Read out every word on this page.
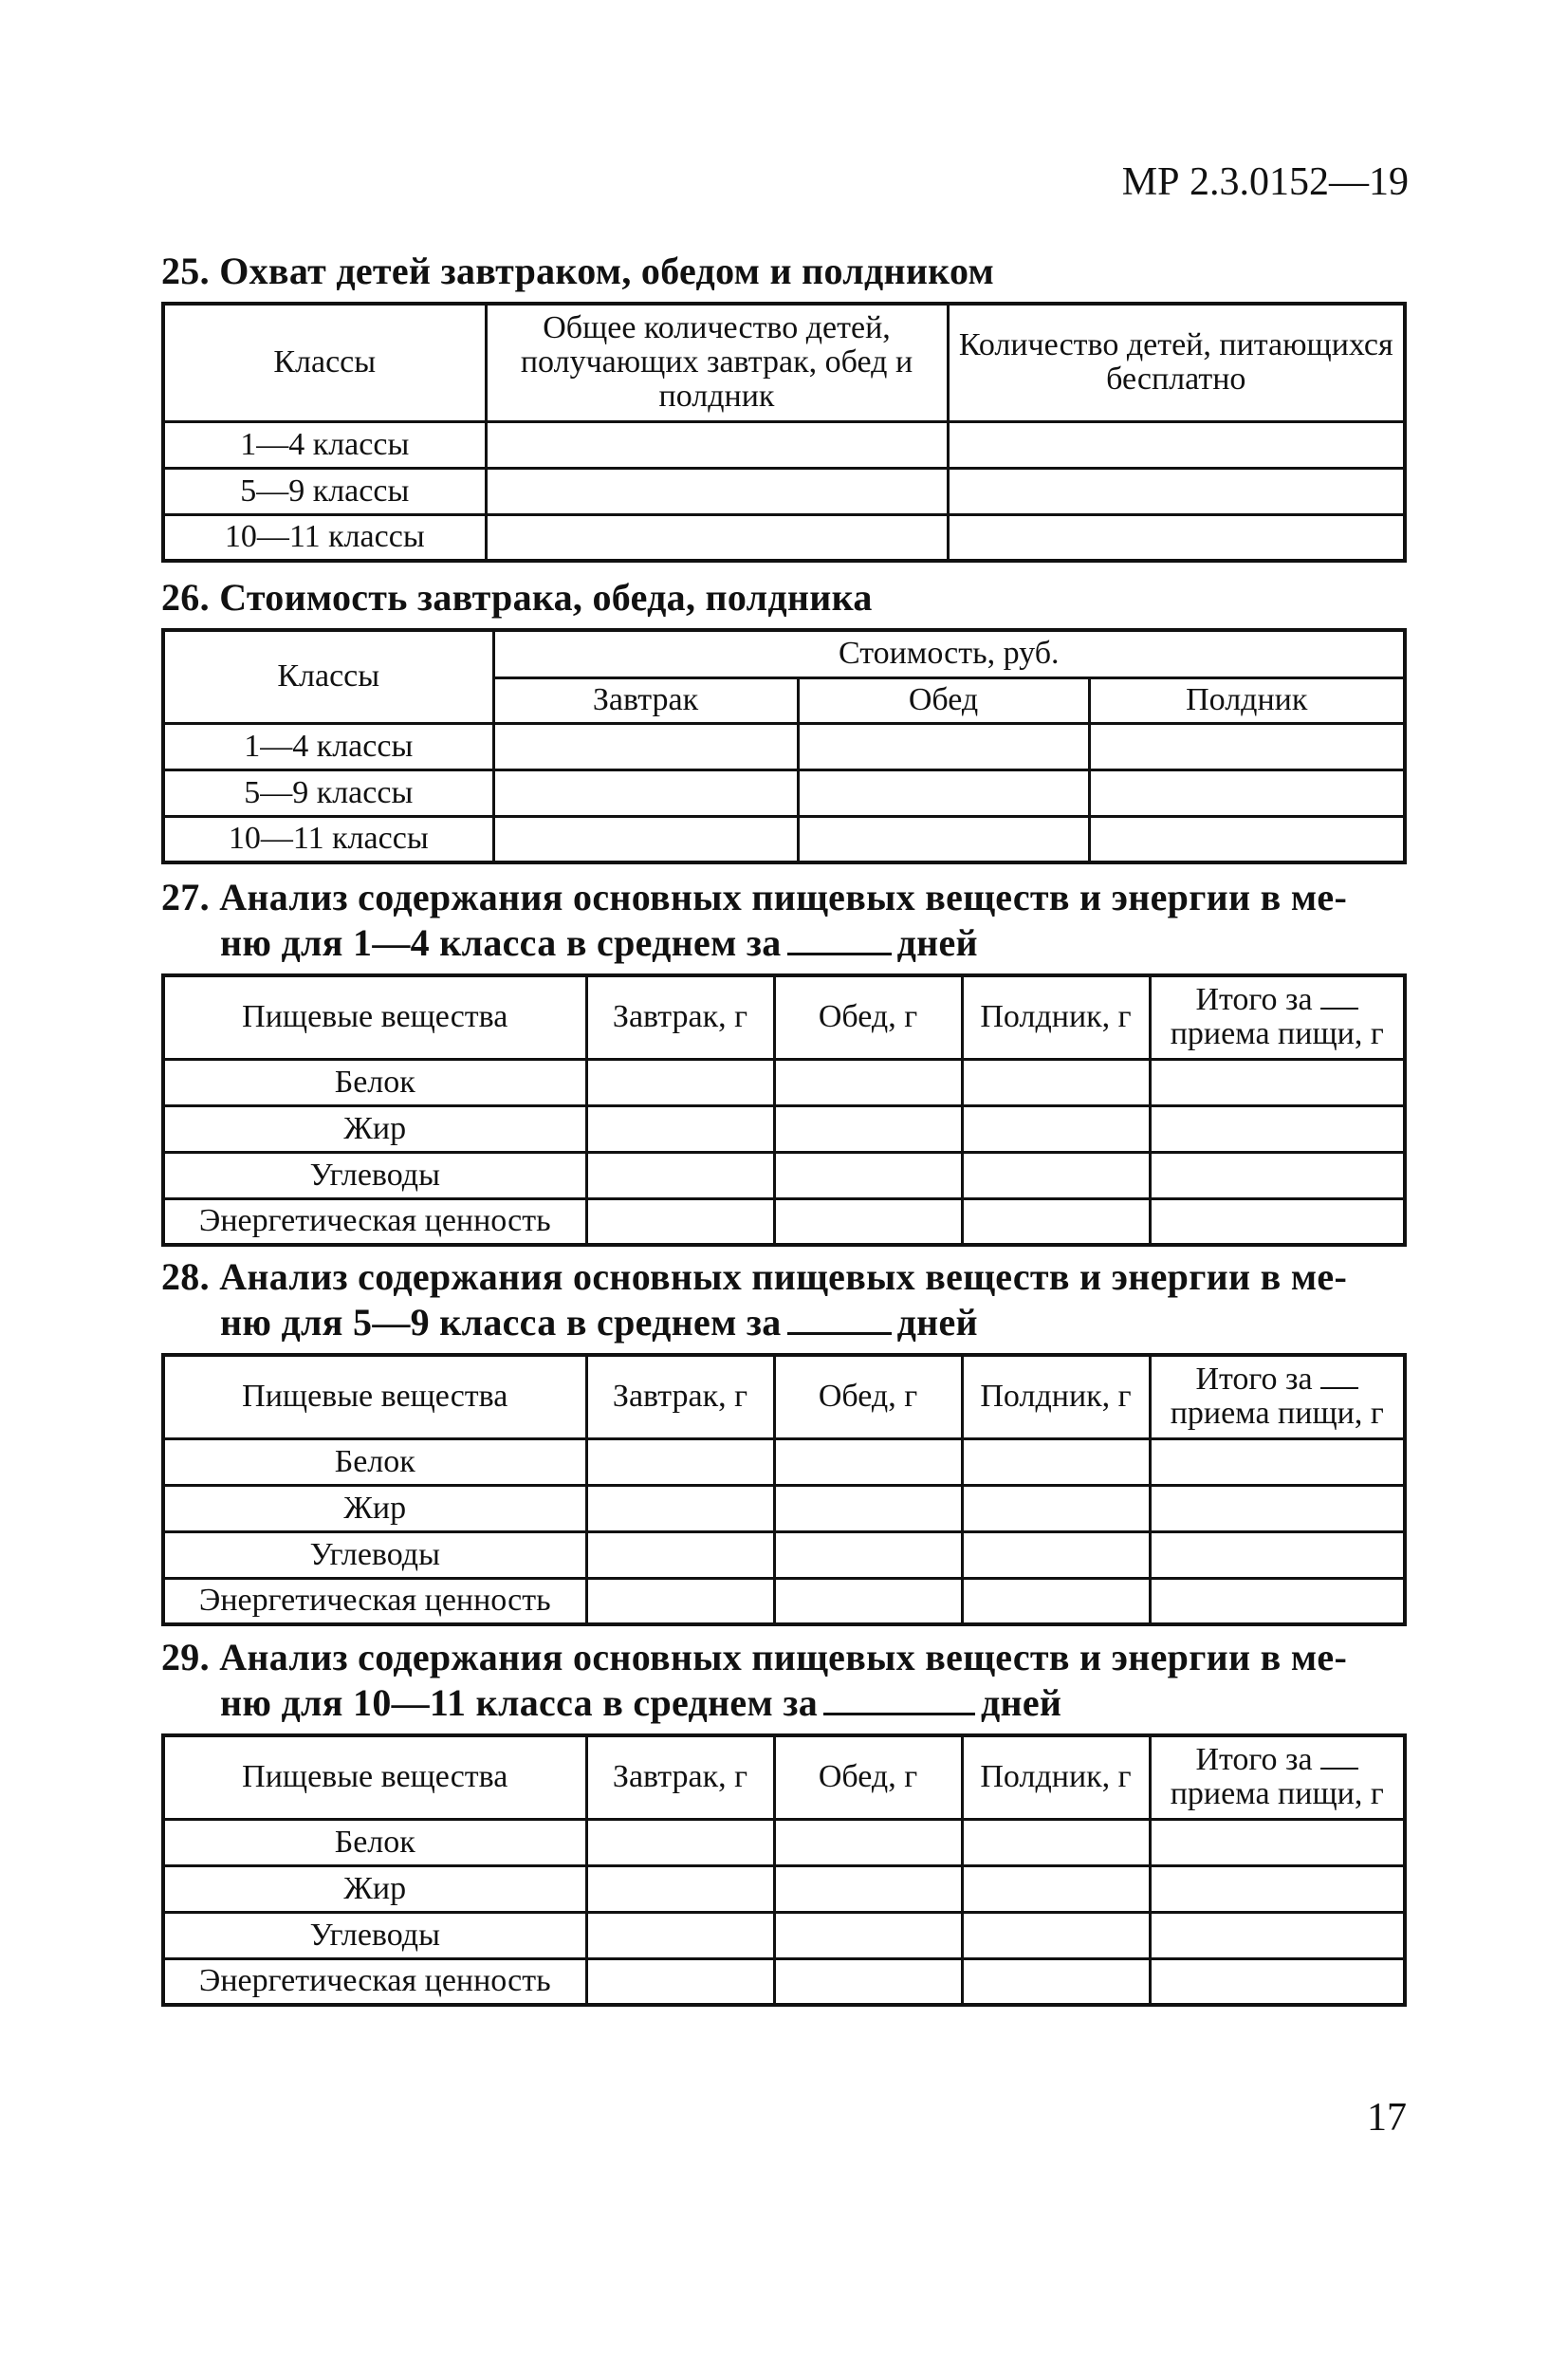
МР 2.3.0152—19
25. Охват детей завтраком, обедом и полдником
Классы	Общее количество детей, получающих завтрак, обед и полдник	Количество детей, питающихся бесплатно
1—4 классы		
5—9 классы		
10—11 классы		
26. Стоимость завтрака, обеда, полдника
Классы	Стоимость, руб.		
	Завтрак	Обед	Полдник
1—4 классы			
5—9 классы			
10—11 классы			
27. Анализ содержания основных пищевых веществ и энергии в ме-
ню для 1—4 класса в среднем за	дней
Пищевые вещества	Завтрак, г	Обед, г	Полдник, г	Итого за
приема пищи, г
Белок				
Жир				
Углеводы				
Энергетическая ценность				
28. Анализ содержания основных пищевых веществ и энергии в ме-
ню для 5—9 класса в среднем за	дней
Пищевые вещества	Завтрак, г	Обед, г	Полдник, г	Итого за
приема пищи, г
Белок				
Жир				
Углеводы				
Энергетическая ценность				
29. Анализ содержания основных пищевых веществ и энергии в ме-
ню для 10—11 класса в среднем за	дней
Пищевые вещества	Завтрак, г	Обед, г	Полдник, г	Итого за
приема пищи, г
Белок				
Жир				
Углеводы				
Энергетическая ценность				
17
